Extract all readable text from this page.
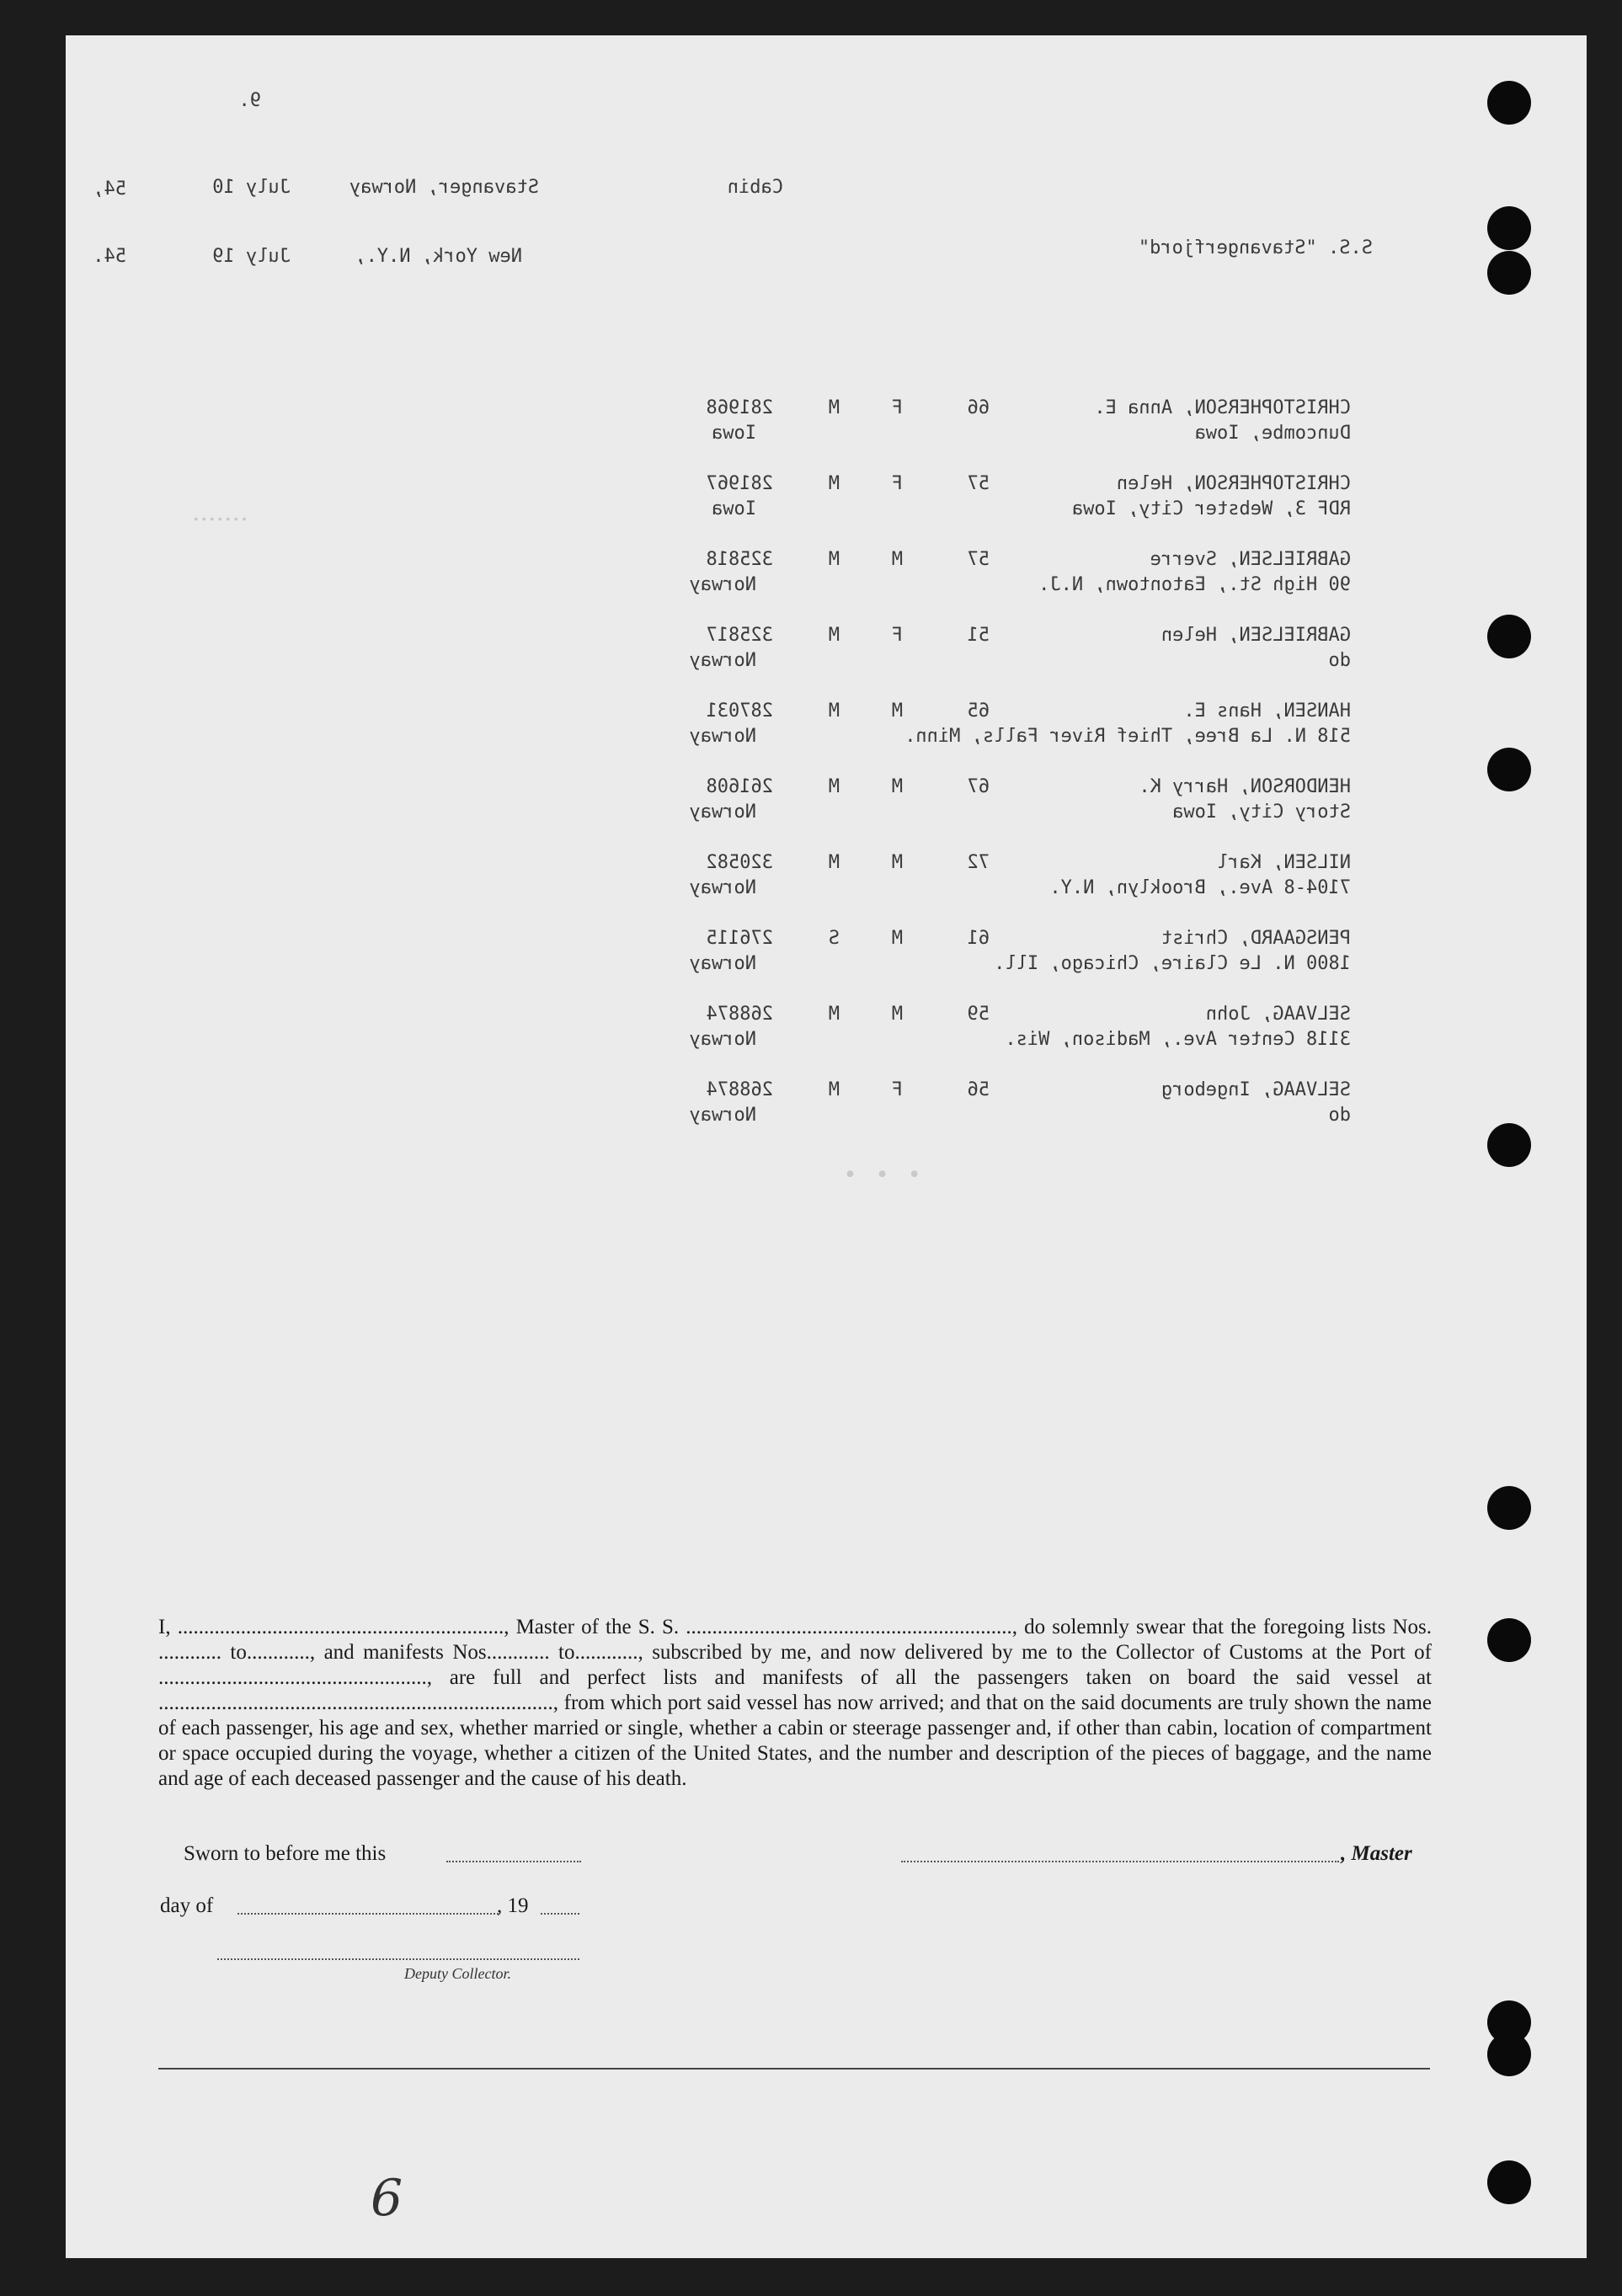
·······
· · ·
9.
Cabin
Stavanger, Norway
July 10
54,
S.S. "Stavangerfjord"
New York, N.Y.,
July 19
54.
CHRISTOPHERSON, Anna E.
66
F
M
281968
Duncombe, Iowa
Iowa
CHRISTOPHERSON, Helen
57
F
M
281967
RDF 3, Webster City, Iowa
Iowa
GABRIELSEN, Sverre
57
M
M
325818
90 High St., Eatontown, N.J.
Norway
GABRIELSEN, Helen
51
F
M
325817
do
Norway
HANSEN, Hans E.
65
M
M
287031
518 N. La Bree, Thief River Falls, Minn.
Norway
HENDORSON, Harry K.
67
M
M
261608
Story City, Iowa
Norway
NILSEN, Karl
72
M
M
320582
7104-8 Ave., Brooklyn, N.Y.
Norway
PENSGAARD, Christ
61
M
S
276115
1800 N. Le Claire, Chicago, Ill.
Norway
SELVAAG, John
59
M
M
268874
3118 Center Ave., Madison, Wis.
Norway
SELVAAG, Ingeborg
56
F
M
268874
do
Norway
I, .............................................................., Master of the S. S. .............................................................., do solemnly swear that the foregoing lists Nos. ............ to............, and manifests Nos............ to............, subscribed by me, and now delivered by me to the Collector of Customs at the Port of ..................................................., are full and perfect lists and manifests of all the passengers taken on board the said vessel at ..........................................................................., from which port said vessel has now arrived; and that on the said documents are truly shown the name of each passenger, his age and sex, whether married or single, whether a cabin or steerage passenger and, if other than cabin, location of compartment or space occupied during the voyage, whether a citizen of the United States, and the number and description of the pieces of baggage, and the name and age of each deceased passenger and the cause of his death.
Sworn to before me this	, Master
day of	, 19
Deputy Collector.
6
